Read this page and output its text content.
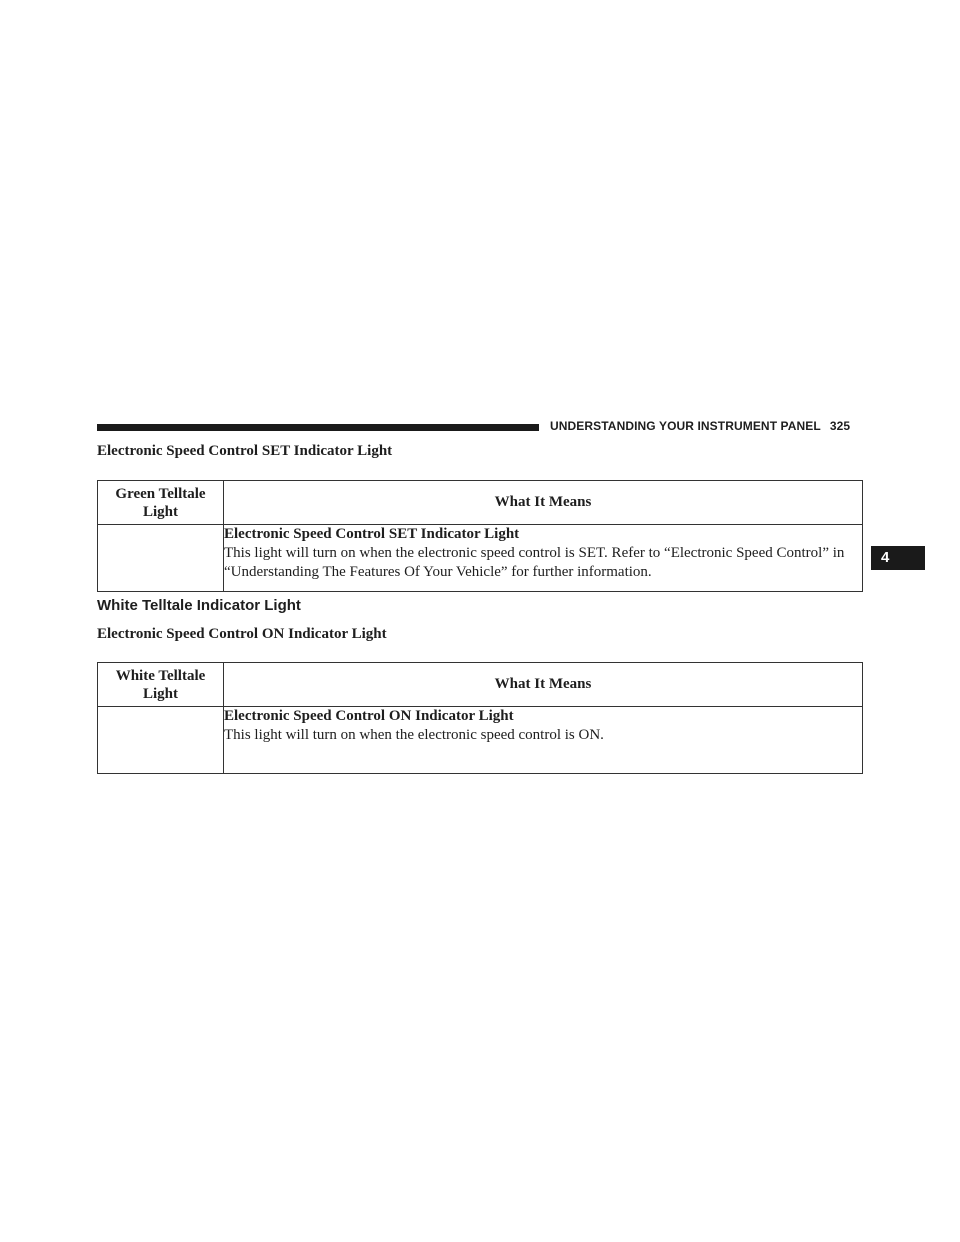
UNDERSTANDING YOUR INSTRUMENT PANEL 325
4
Electronic Speed Control SET Indicator Light
Green Telltale
Light	What It Means

	Electronic Speed Control SET Indicator Light
This light will turn on when the electronic speed control is SET. Refer to “Electronic Speed Control” in “Understanding The Features Of Your Vehicle” for further information.
White Telltale Indicator Light
Electronic Speed Control ON Indicator Light
White Telltale
Light	What It Means

	Electronic Speed Control ON Indicator Light
This light will turn on when the electronic speed control is ON.
